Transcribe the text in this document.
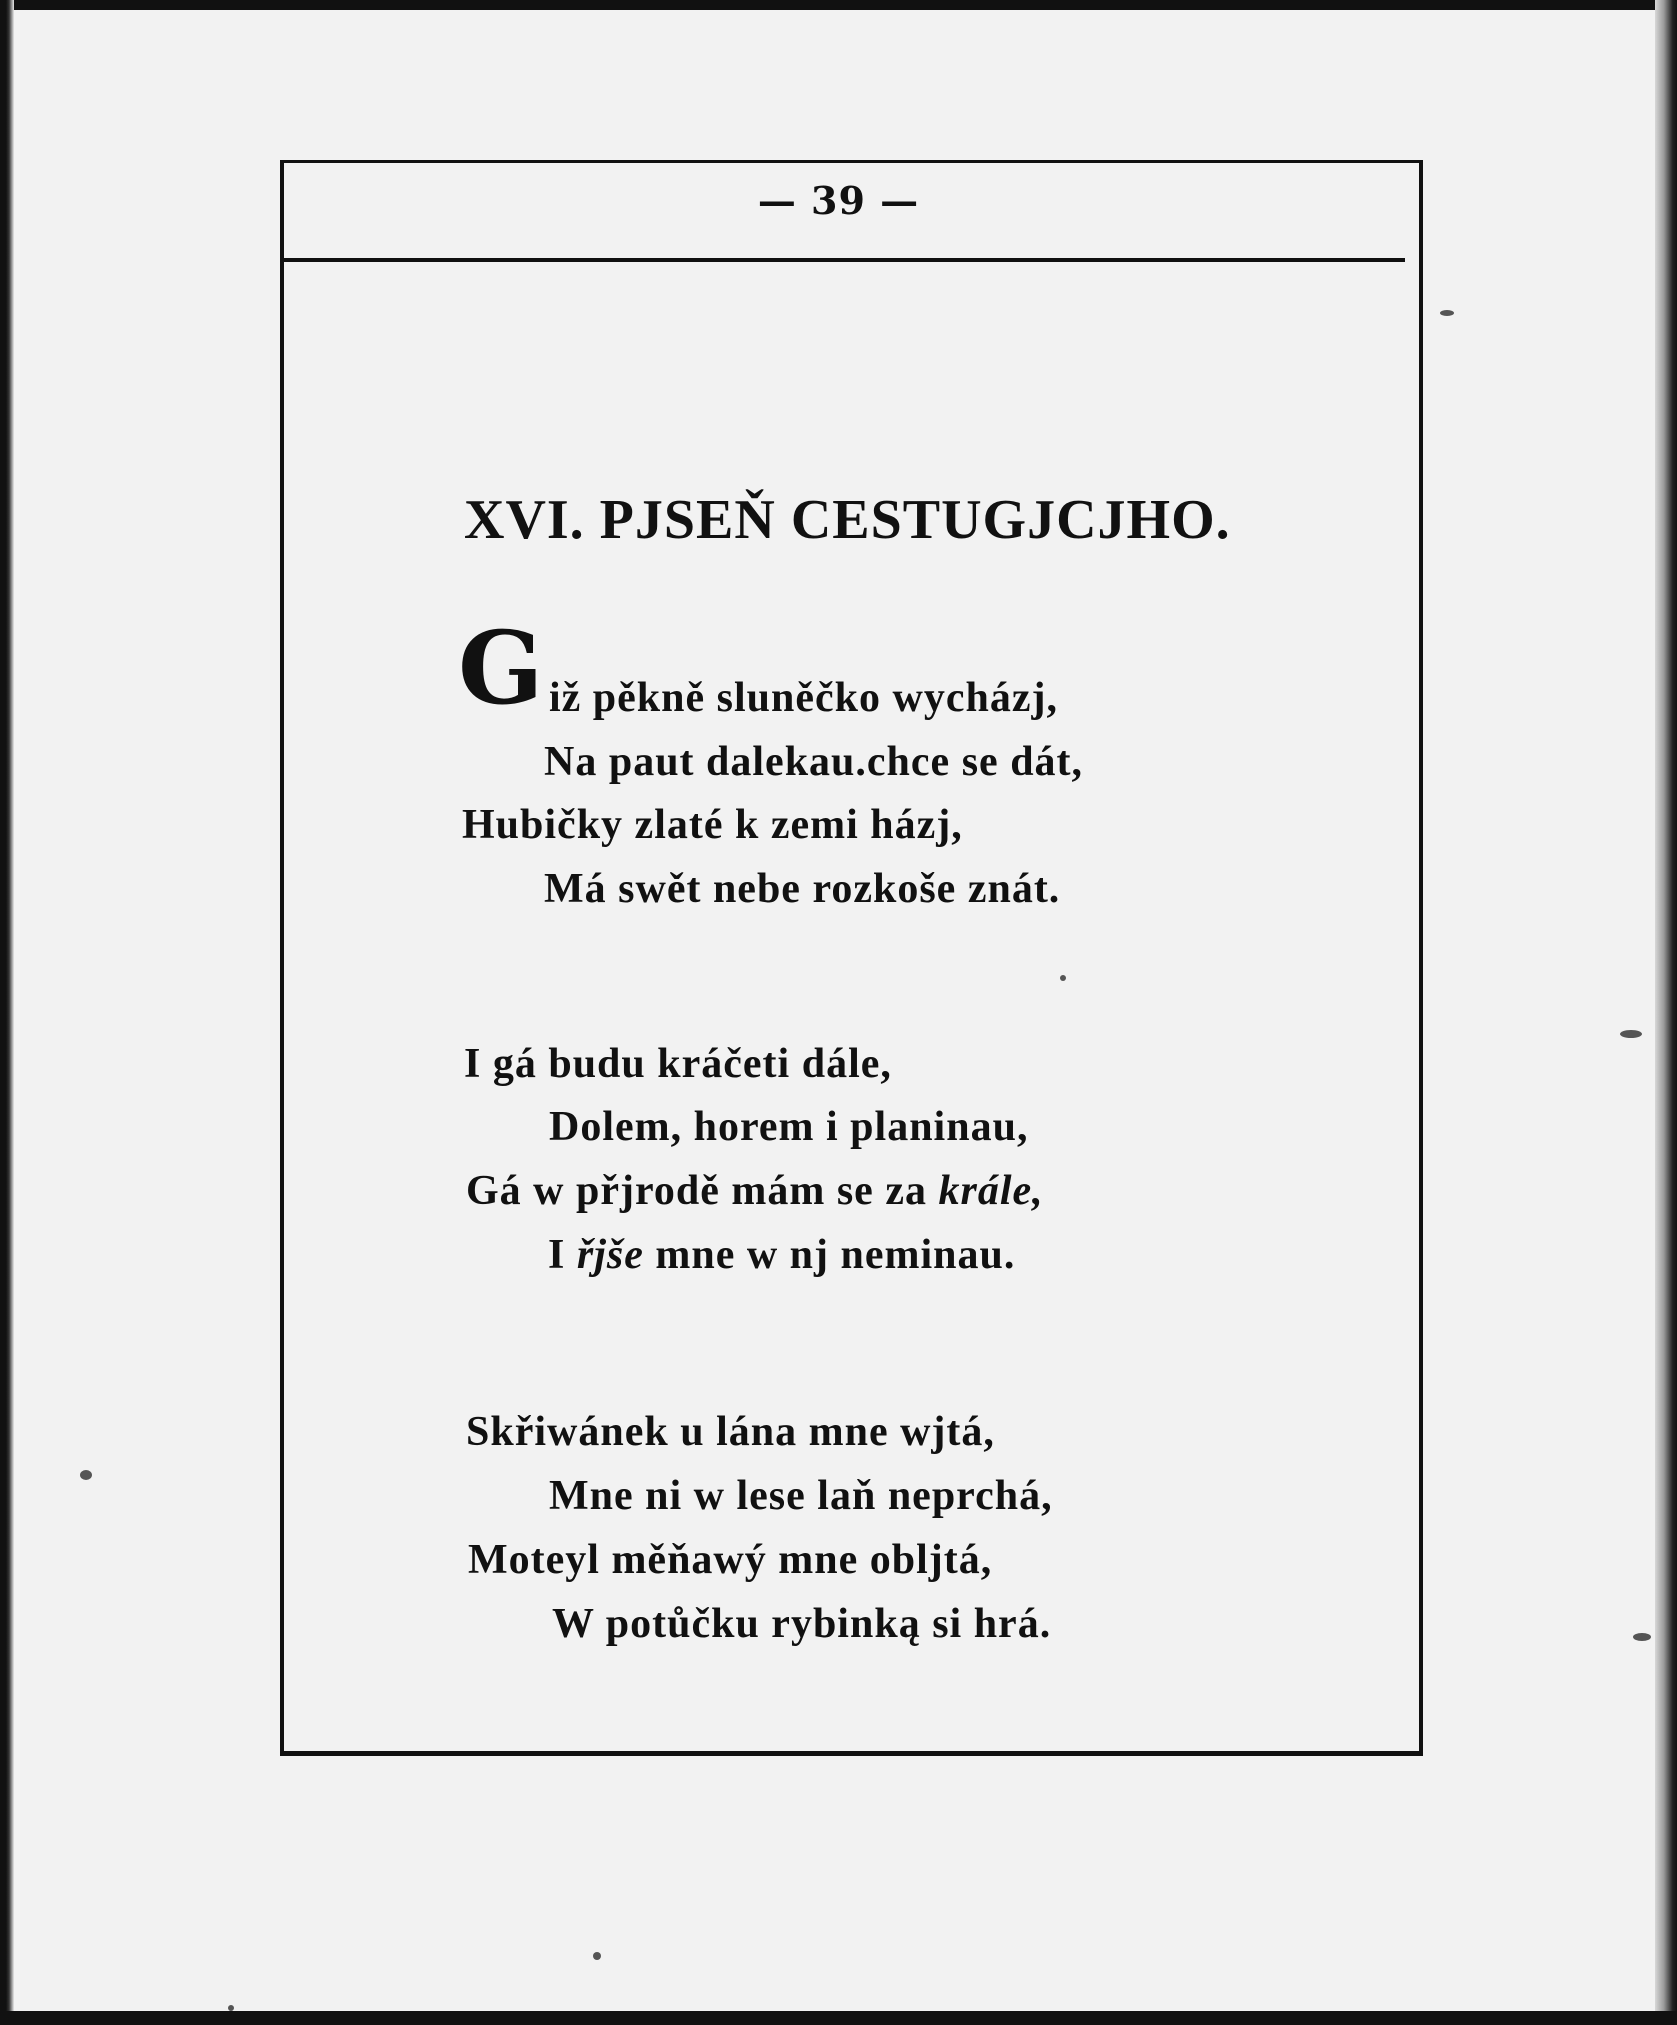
— 39 —
XVI. PJSEŇ CESTUGJCJHO.
G iž pěkně sluněčko wycházj,
Na paut dalekau.chce se dát,
Hubičky zlaté k zemi házj,
Má swět nebe rozkoše znát.
I gá budu kráčeti dále,
Dolem, horem i planinau,
Gá w přjrodě mám se za krále,
I řjše mne w nj neminau.
Skřiwánek u lána mne wjtá,
Mne ni w lese laň neprchá,
Moteyl měňawý mne obljtá,
W potůčku rybinką si hrá.
